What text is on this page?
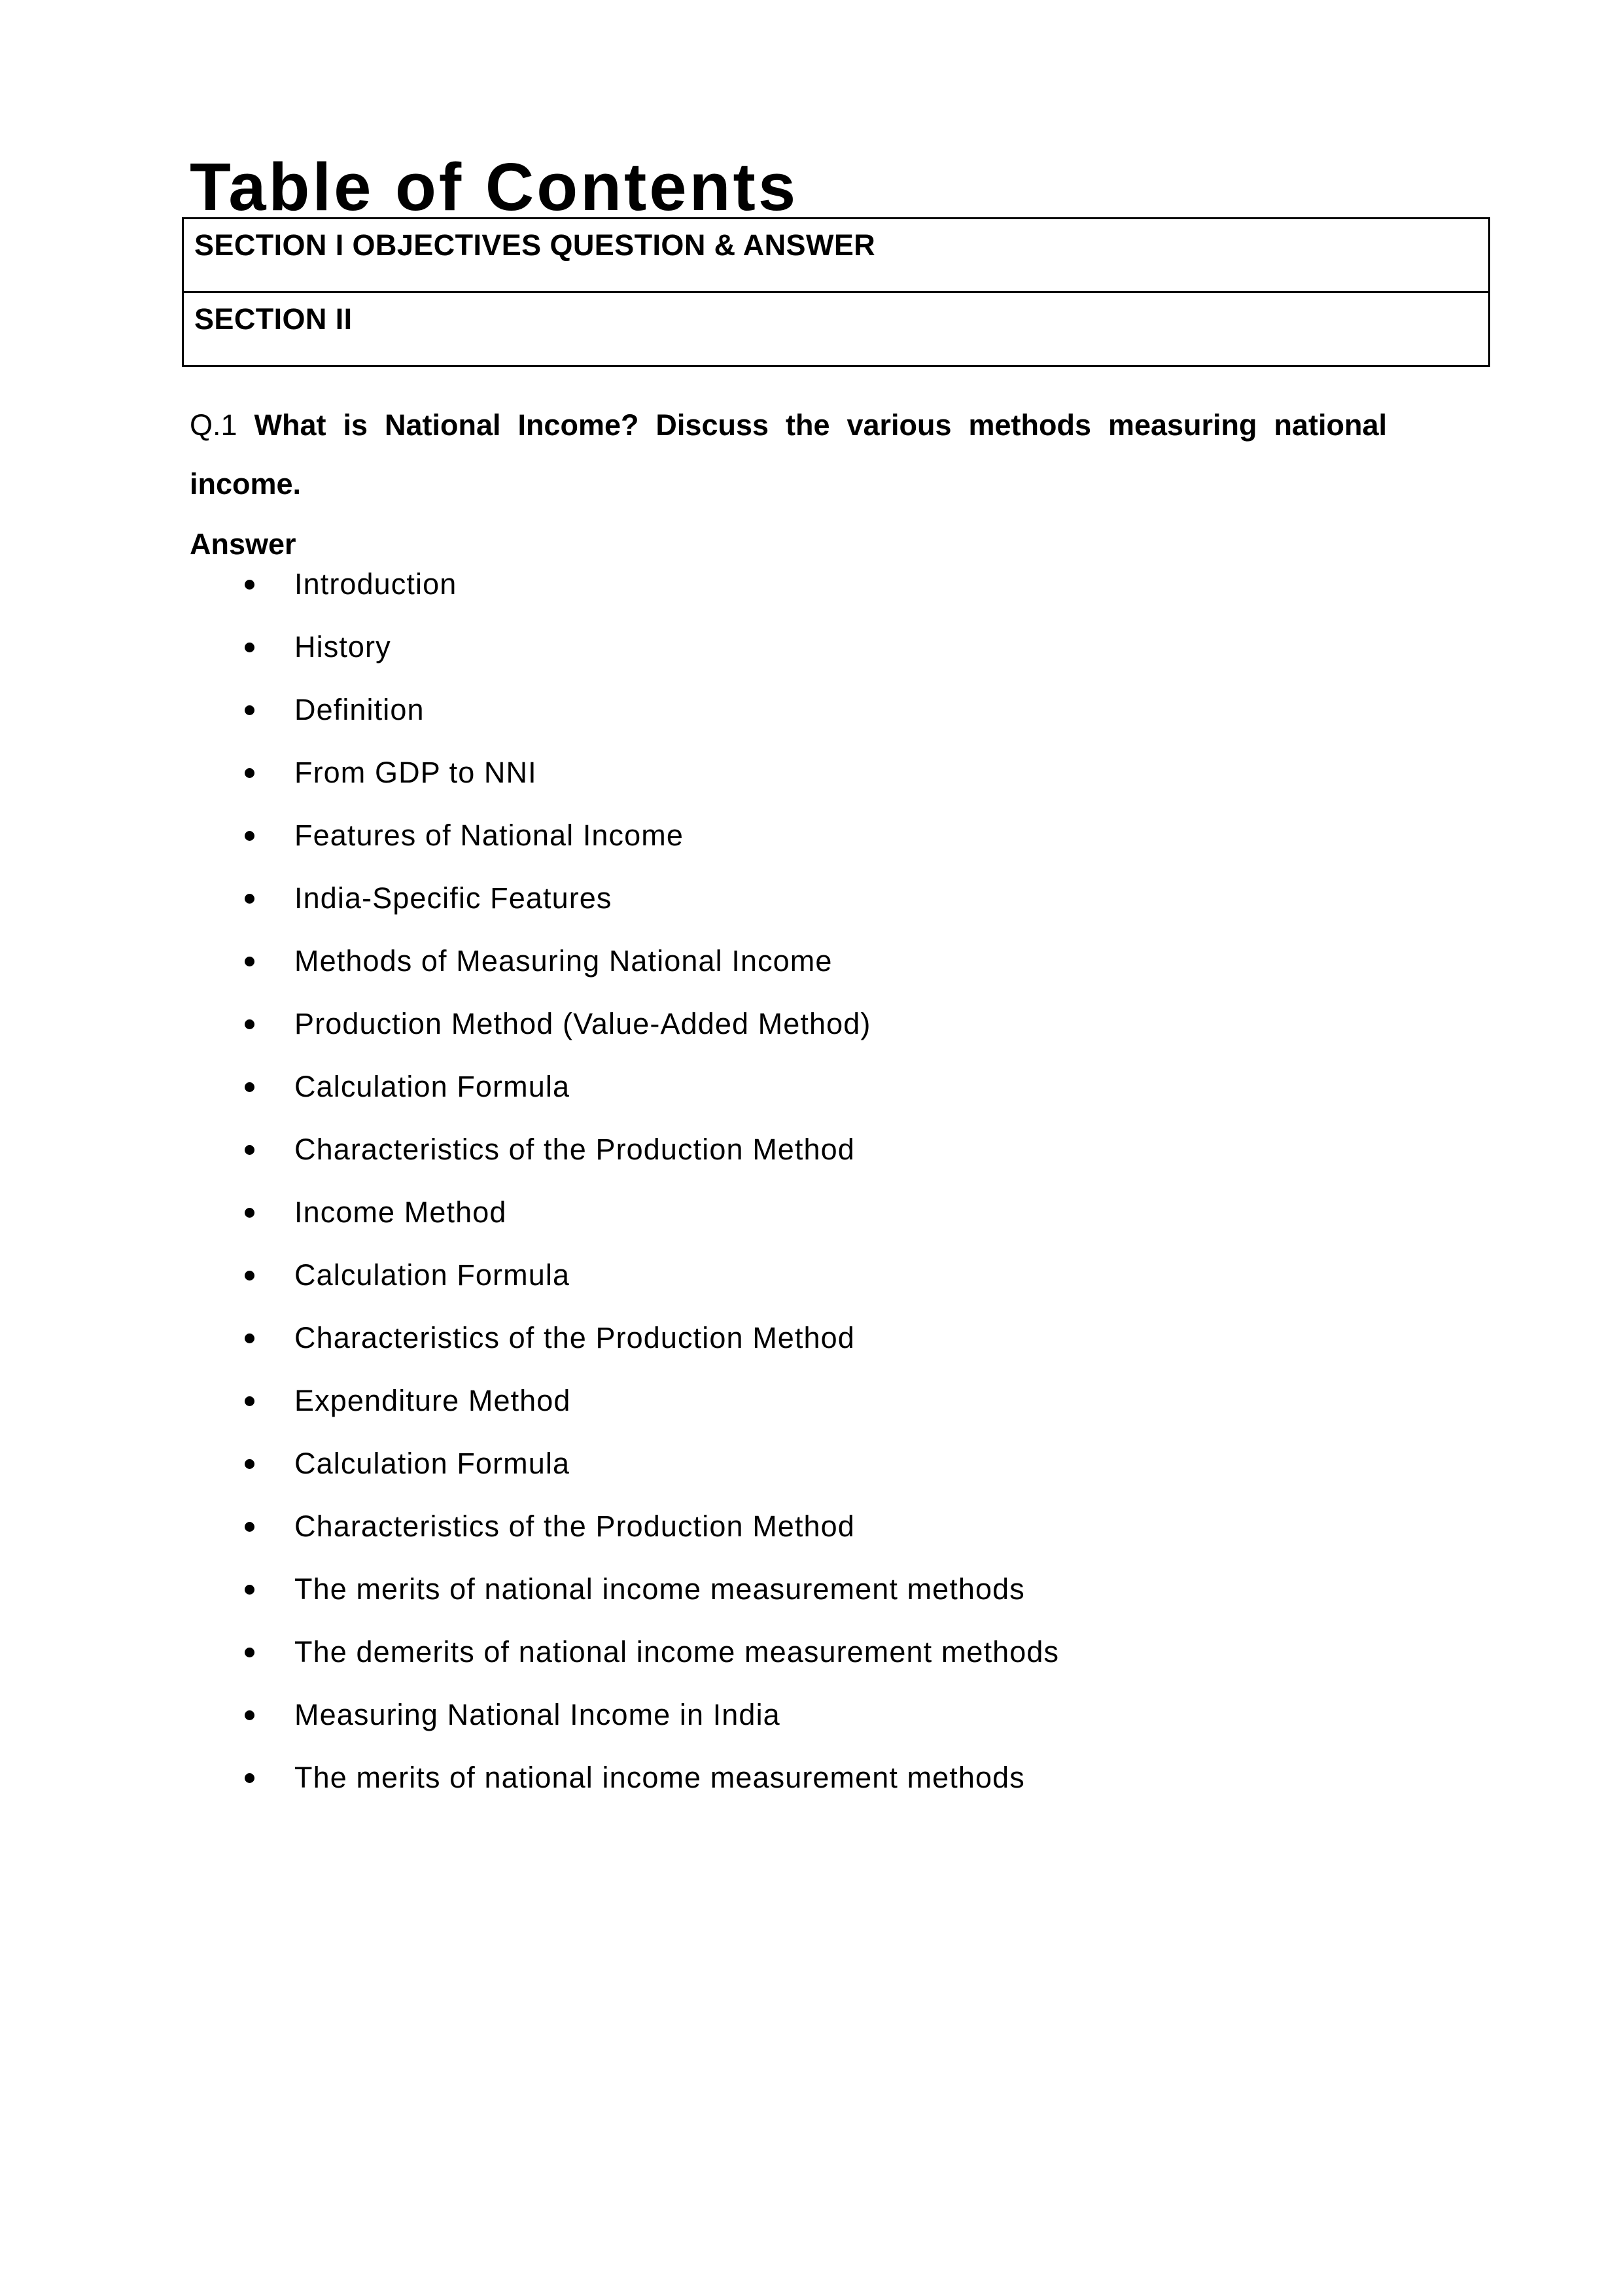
Table of Contents
SECTION I OBJECTIVES QUESTION & ANSWER
SECTION II

Q.1 What is National Income? Discuss the various methods measuring national income.

Answer

Introduction
History
Definition
From GDP to NNI
Features of National Income
India-Specific Features
Methods of Measuring National Income
Production Method (Value-Added Method)
Calculation Formula
Characteristics of the Production Method
Income Method
Calculation Formula
Characteristics of the Production Method
Expenditure Method
Calculation Formula
Characteristics of the Production Method
The merits of national income measurement methods
The demerits of national income measurement methods
Measuring National Income in India
The merits of national income measurement methods
